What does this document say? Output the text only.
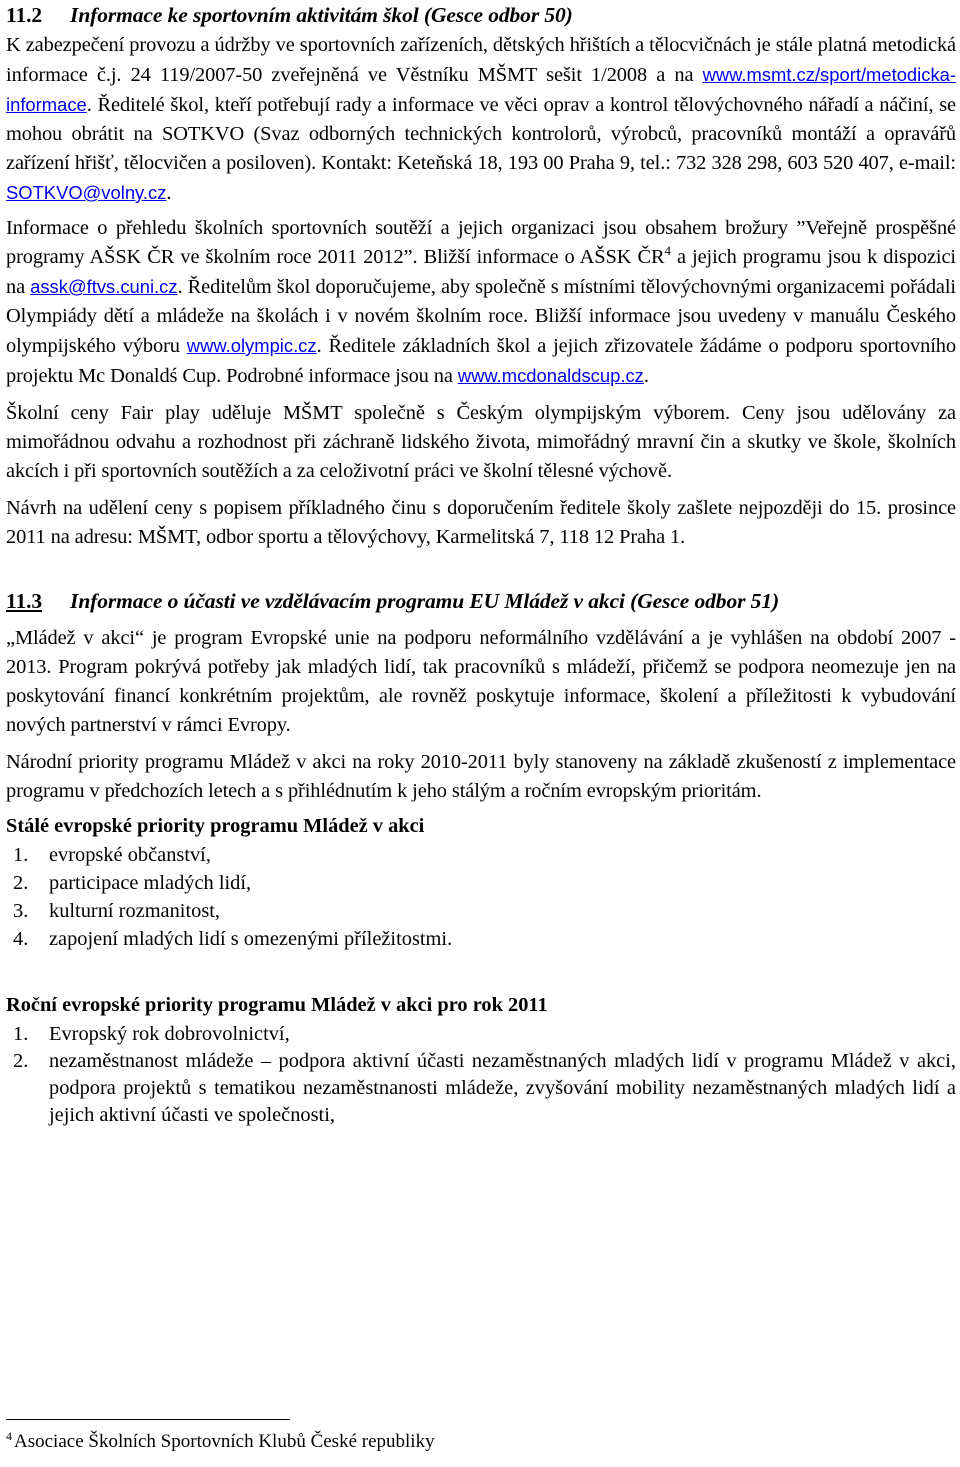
11.2 Informace ke sportovním aktivitám škol (Gesce odbor 50)

K zabezpečení provozu a údržby ve sportovních zařízeních, dětských hřištích a tělocvičnách je stále platná metodická informace č.j. 24 119/2007-50 zveřejněná ve Věstníku MŠMT sešit 1/2008 a na www.msmt.cz/sport/metodicka-informace. Ředitelé škol, kteří potřebují rady a informace ve věci oprav a kontrol tělovýchovného nářadí a náčiní, se mohou obrátit na SOTKVO (Svaz odborných technických kontrolorů, výrobců, pracovníků montáží a opravářů zařízení hřišť, tělocvičen a posiloven). Kontakt: Keteňská 18, 193 00 Praha 9, tel.: 732 328 298, 603 520 407, e-mail: SOTKVO@volny.cz.

Informace o přehledu školních sportovních soutěží a jejich organizaci jsou obsahem brožury ”Veřejně prospěšné programy AŠSK ČR ve školním roce 2011 2012”. Bližší informace o AŠSK $ČR^4$ a jejich programu jsou k dispozici na assk@ftvs.cuni.cz. Ředitelům škol doporučujeme, aby společně s místními tělovýchovnými organizacemi pořádali Olympiády dětí a mládeže na školách i v novém školním roce. Bližší informace jsou uvedeny v manuálu Českého olympijského výboru www.olympic.cz. Ředitele základních škol a jejich zřizovatele žádáme o podporu sportovního projektu Mc Donaldś Cup. Podrobné informace jsou na www.mcdonaldscup.cz.

Školní ceny Fair play uděluje MŠMT společně s Českým olympijským výborem. Ceny jsou udělovány za mimořádnou odvahu a rozhodnost při záchraně lidského života, mimořádný mravní čin a skutky ve škole, školních akcích i při sportovních soutěžích a za celoživotní práci ve školní tělesné výchově.

Návrh na udělení ceny s popisem příkladného činu s doporučením ředitele školy zašlete nejpozději do 15. prosince 2011 na adresu: MŠMT, odbor sportu a tělovýchovy, Karmelitská 7, 118 12 Praha 1.

11.3 Informace o účasti ve vzdělávacím programu EU Mládež v akci (Gesce odbor 51)

„Mládež v akci“ je program Evropské unie na podporu neformálního vzdělávání a je vyhlášen na období 2007 - 2013. Program pokrývá potřeby jak mladých lidí, tak pracovníků s mládeží, přičemž se podpora neomezuje jen na poskytování financí konkrétním projektům, ale rovněž poskytuje informace, školení a příležitosti k vybudování nových partnerství v rámci Evropy.

Národní priority programu Mládež v akci na roky 2010-2011 byly stanoveny na základě zkušeností z implementace programu v předchozích letech a s přihlédnutím k jeho stálým a ročním evropským prioritám.

Stálé evropské priority programu Mládež v akci

1.	evropské občanství,
2.	participace mladých lidí,
3.	kulturní rozmanitost,
4.	zapojení mladých lidí s omezenými příležitostmi.

Roční evropské priority programu Mládež v akci pro rok 2011

1.	Evropský rok dobrovolnictví,
2.	nezaměstnanost mládeže – podpora aktivní účasti nezaměstnaných mladých lidí v programu Mládež v akci, podpora projektů s tematikou nezaměstnanosti mládeže, zvyšování mobility nezaměstnaných mladých lidí a jejich aktivní účasti ve společnosti,
$^4$ Asociace Školních Sportovních Klubů České republiky
